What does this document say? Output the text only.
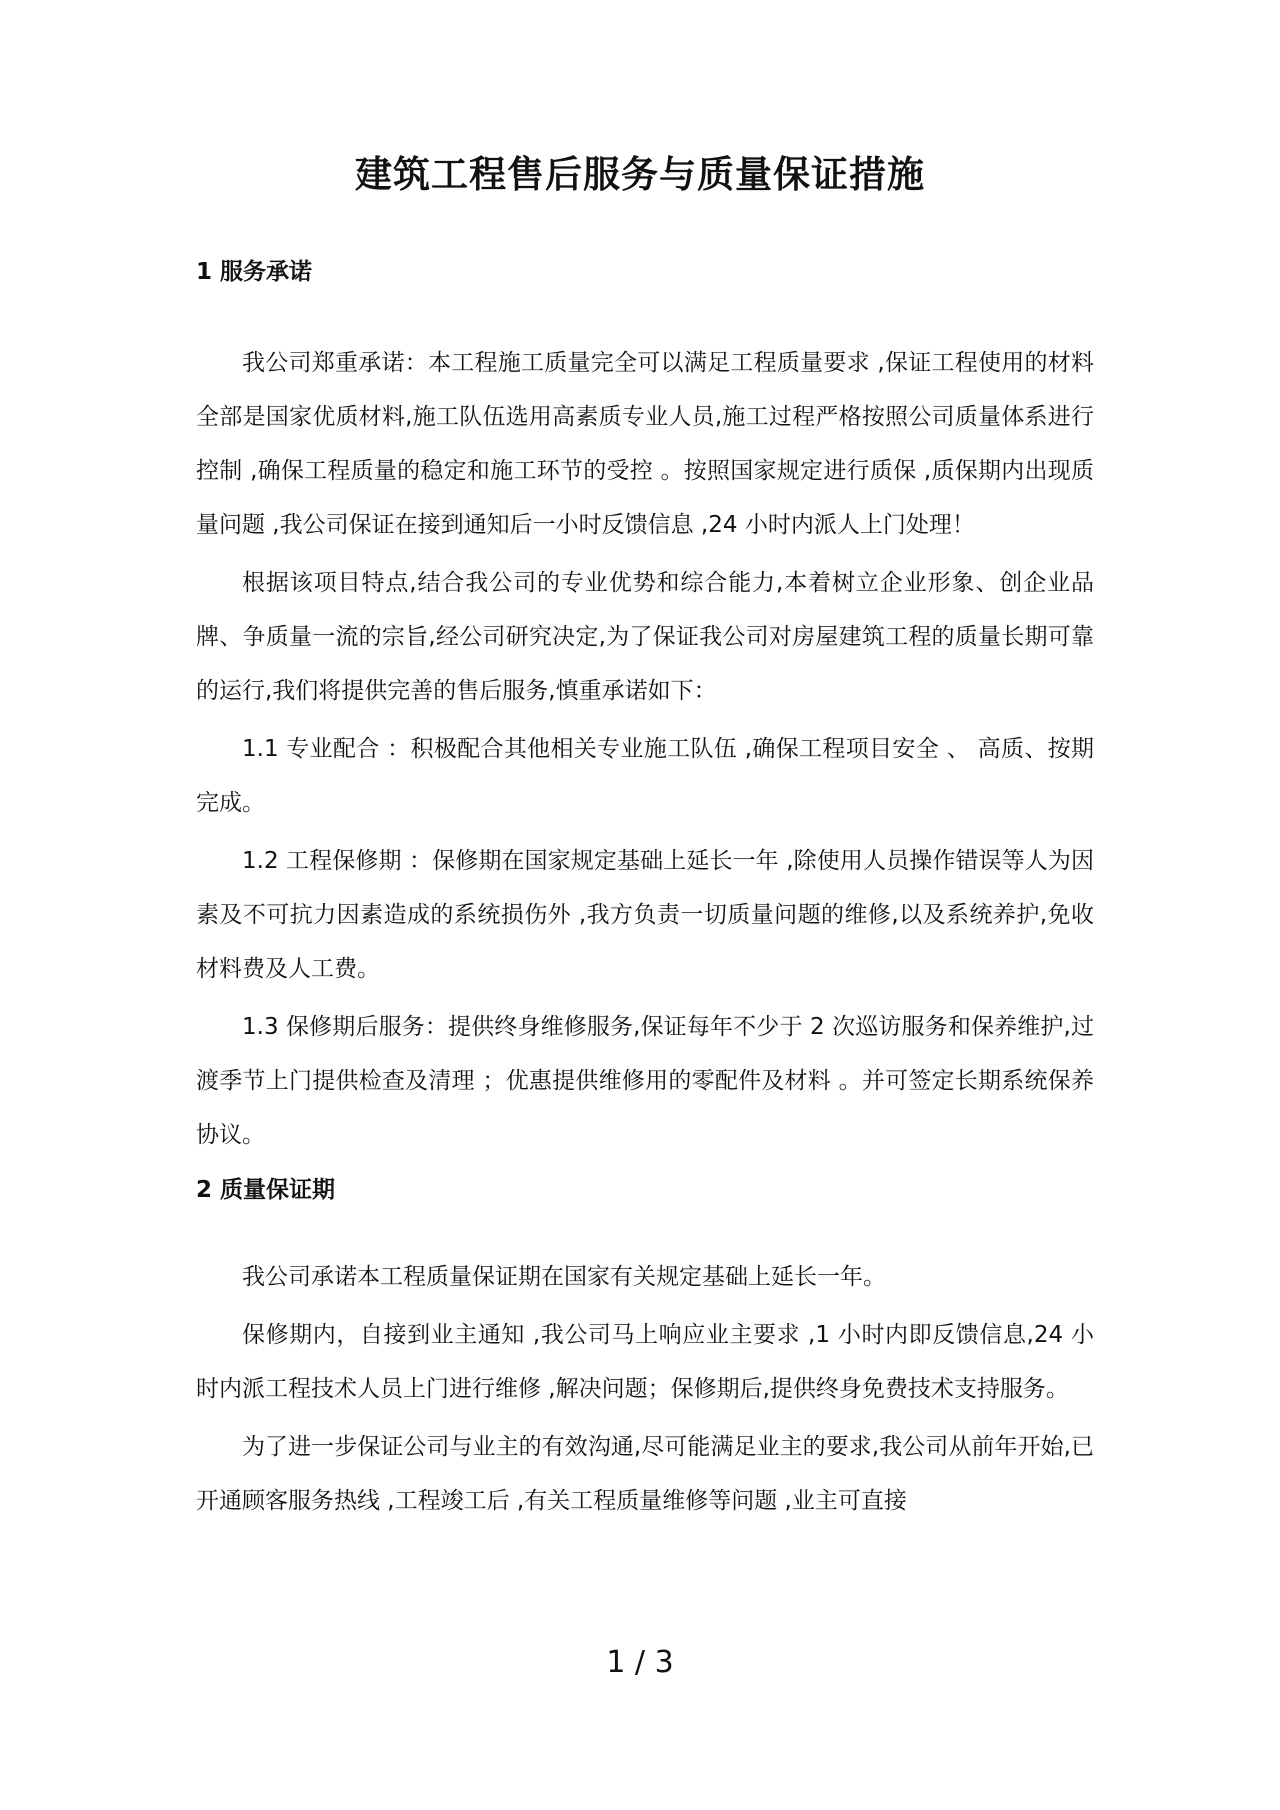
建筑工程售后服务与质量保证措施
1 服务承诺

我公司郑重承诺：本工程施工质量完全可以满足工程质量要求 ,保证工程使用的材料全部是国家优质材料,施工队伍选用高素质专业人员,施工过程严格按照公司质量体系进行控制 ,确保工程质量的稳定和施工环节的受控 。按照国家规定进行质保 ,质保期内出现质量问题 ,我公司保证在接到通知后一小时反馈信息 ,24 小时内派人上门处理！

根据该项目特点,结合我公司的专业优势和综合能力,本着树立企业形象、创企业品牌、争质量一流的宗旨,经公司研究决定,为了保证我公司对房屋建筑工程的质量长期可靠的运行,我们将提供完善的售后服务,慎重承诺如下：

1.1 专业配合 ：积极配合其他相关专业施工队伍 ,确保工程项目安全 、 高质、按期完成。

1.2 工程保修期 ：保修期在国家规定基础上延长一年 ,除使用人员操作错误等人为因素及不可抗力因素造成的系统损伤外 ,我方负责一切质量问题的维修,以及系统养护,免收材料费及人工费。

1.3 保修期后服务：提供终身维修服务,保证每年不少于 2 次巡访服务和保养维护,过渡季节上门提供检查及清理 ；优惠提供维修用的零配件及材料 。并可签定长期系统保养协议。

2 质量保证期

我公司承诺本工程质量保证期在国家有关规定基础上延长一年。

保修期内，自接到业主通知 ,我公司马上响应业主要求 ,1 小时内即反馈信息,24 小时内派工程技术人员上门进行维修 ,解决问题；保修期后,提供终身免费技术支持服务。

为了进一步保证公司与业主的有效沟通,尽可能满足业主的要求,我公司从前年开始,已开通顾客服务热线 ,工程竣工后 ,有关工程质量维修等问题 ,业主可直接

1 / 3
